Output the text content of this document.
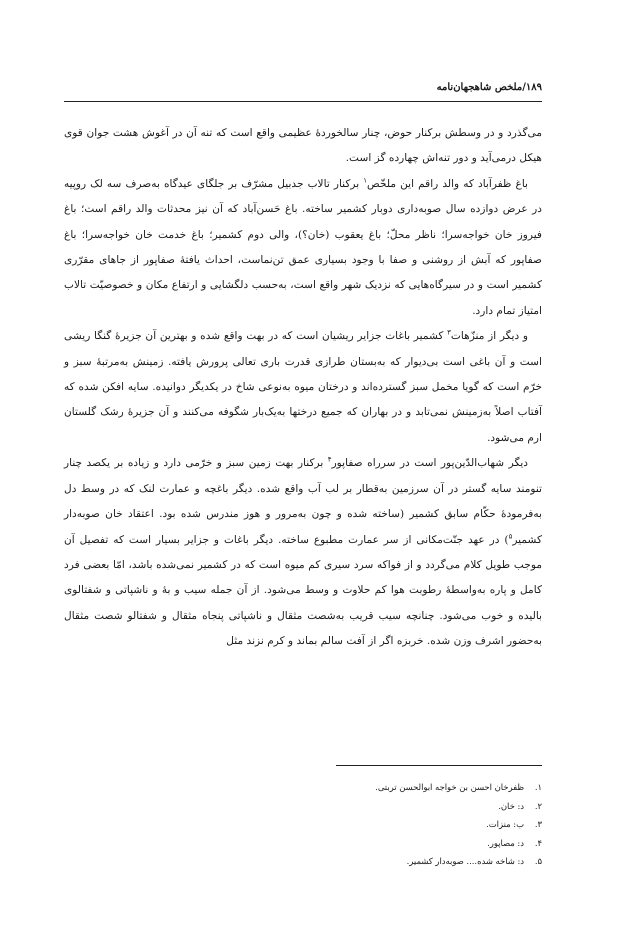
۱۸۹/ملخص شاهجهان‌نامه

می‌گذرد و در وسطش برکنار حوض، چنار سالخوردهٔ عظیمی واقع است که تنه آن در آغوش هشت جوان قوی هیکل درمی‌آید و دور تنه‌اش چهارده گز است.

باغ ظفرآباد که والد راقم این ملخّص$^۱$ برکنار تالاب جدبیل مشرّف بر جلگای عیدگاه به‌صرف سه لک روپیه در عرض دوازده سال صوبه‌داری دوبار کشمیر ساخته. باغ حَسن‌آباد که آن نیز محدثات والد راقم است؛ باغ فیروز خان خواجه‌سرا؛ ناظر محلّ؛ باغ یعقوب (خان؟)، والی دوم کشمیر؛ باغ خدمت خان خواجه‌سرا؛ باغ صفاپور که آبش از روشنی و صفا با وجود بسیاری عمق تن‌نماست، احداث یافتهٔ صفاپور از جاهای مقرّری کشمیر است و در سیرگاه‌هایی که نزدیک شهر واقع است، به‌حسب دلگشایی و ارتفاع مکان و خصوصیّت تالاب امتیاز تمام دارد.

و دیگر از منزّهات$^۳$ کشمیر باغات جزایر ریشیان است که در بهت واقع شده و بهترین آن جزیرهٔ گنگا ریشی است و آن باغی است بی‌دیوار که به‌بستان طرازی قدرت باری تعالی پرورش یافته. زمینش به‌مرتبهٔ سبز و خرّم است که گویا مخمل سبز گسترده‌اند و درختان میوه به‌نوعی شاخ در یکدیگر دوانیده. سایه افکن شده که آفتاب اصلاً به‌زمینش نمی‌تابد و در بهاران که جمیع درختها به‌یک‌بار شگوفه می‌کنند و آن جزیرهٔ رشک گلستان ارم می‌شود.

دیگر شهاب‌الدّین‌پور است در سرراه صفاپور$^۴$ برکنار بهت زمین سبز و خرّمی دارد و زیاده بر یکصد چنار تنومند سایه گستر در آن سرزمین به‌قطار بر لب آب واقع شده. دیگر باغچه و عمارت لنک که در وسط دل به‌فرمودهٔ حکّام سابق کشمیر (ساخته شده و چون به‌مرور و هوز مندرس شده بود. اعتقاد خان صوبه‌دار کشمیر$^۵$) در عهد جنّت‌مکانی از سر عمارت مطبوع ساخته. دیگر باغات و جزایر بسیار است که تفصیل آن موجب طویل کلام می‌گردد و از فواکه سرد سیری کم میوه است که در کشمیر نمی‌شده باشد، امّا بعضی فرد کامل و پاره به‌واسطهٔ رطوبت هوا کم حلاوت و وسط می‌شود. از آن جمله سیب و بهٔ و ناشپاتی و شفتالوی بالیده و خوب می‌شود. چنانچه سیب قریب به‌شصت مثقال و ناشپاتی پنجاه مثقال و شفتالو شصت مثقال به‌حضور اشرف وزن شده. خربزه اگر از آفت سالم بماند و کرم نزند مثل

۱.ظفرخان احسن بن خواجه ابوالحسن تربتی.
۲.د: خان.
۳.ب: منزات.
۴.د: مصاپور.
۵.د: شاخه شده.... صوبه‌دار کشمیر.
